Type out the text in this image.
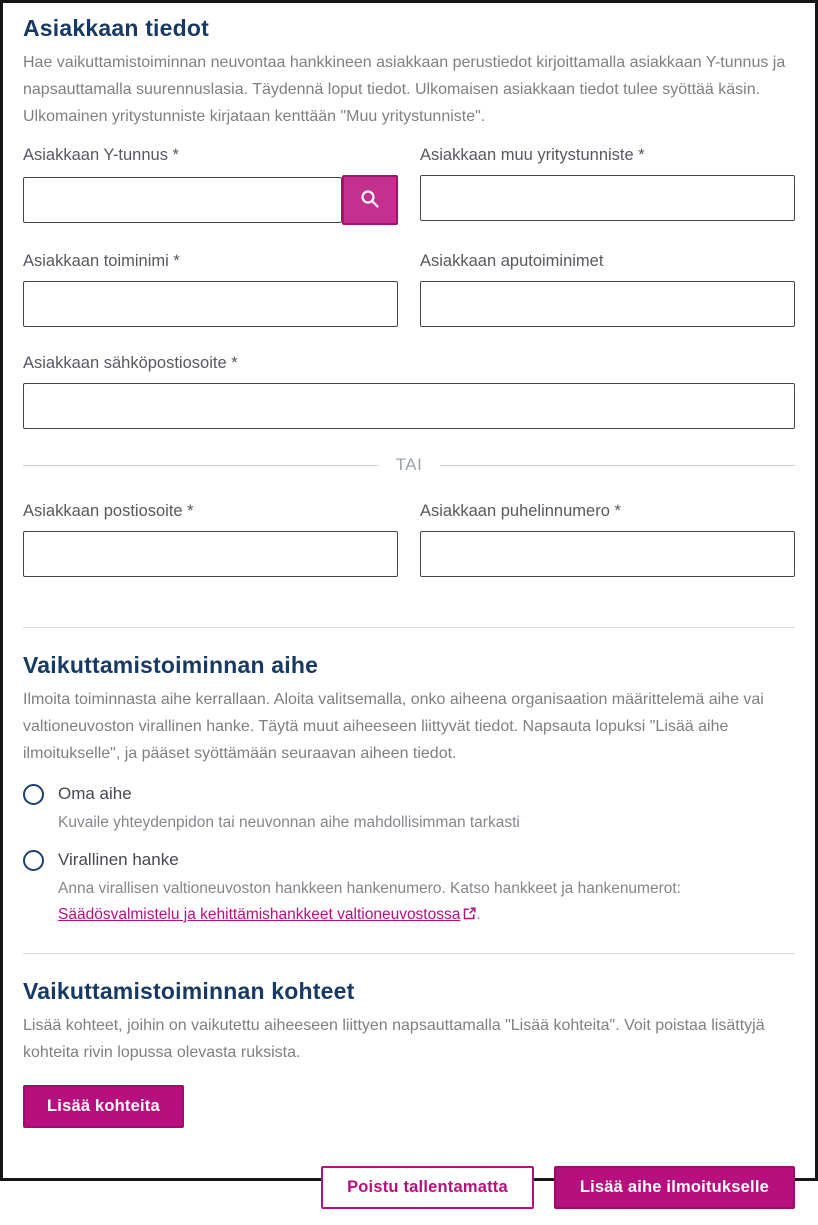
Asiakkaan tiedot

Hae vaikuttamistoiminnan neuvontaa hankkineen asiakkaan perustiedot kirjoittamalla asiakkaan Y-tunnus ja napsauttamalla suurennuslasia. Täydennä loput tiedot. Ulkomaisen asiakkaan tiedot tulee syöttää käsin. Ulkomainen yritystunniste kirjataan kenttään "Muu yritystunniste".

Asiakkaan Y-tunnus *	Asiakkaan muu yritystunniste *
Asiakkaan toiminimi *	Asiakkaan aputoiminimet
Asiakkaan sähköpostiosoite *
TAI
Asiakkaan postiosoite *	Asiakkaan puhelinnumero *
Vaikuttamistoiminnan aihe

Ilmoita toiminnasta aihe kerrallaan. Aloita valitsemalla, onko aiheena organisaation määrittelemä aihe vai valtioneuvoston virallinen hanke. Täytä muut aiheeseen liittyvät tiedot. Napsauta lopuksi "Lisää aihe ilmoitukselle", ja pääset syöttämään seuraavan aiheen tiedot.

Oma aihe
Kuvaile yhteydenpidon tai neuvonnan aihe mahdollisimman tarkasti
Virallinen hanke
Anna virallisen valtioneuvoston hankkeen hankenumero. Katso hankkeet ja hankenumerot: Säädösvalmistelu ja kehittämishankkeet valtioneuvostossa .
Vaikuttamistoiminnan kohteet

Lisää kohteet, joihin on vaikutettu aiheeseen liittyen napsauttamalla "Lisää kohteita". Voit poistaa lisättyjä kohteita rivin lopussa olevasta ruksista.

Lisää kohteita
Poistu tallentamatta	Lisää aihe ilmoitukselle
